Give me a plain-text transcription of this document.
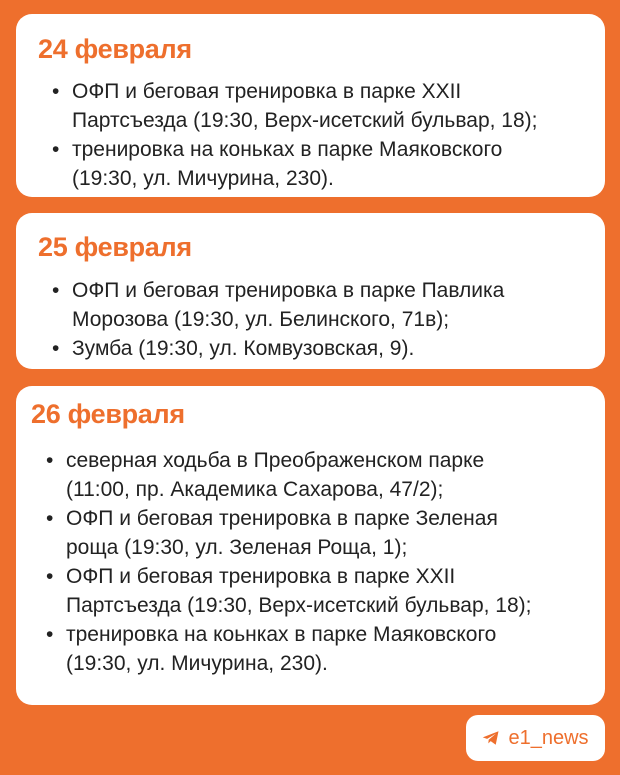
24 февраля
• ОФП и беговая тренировка в парке XXII
Партсъезда (19:30, Верх-исетский бульвар, 18);
• тренировка на коньках в парке Маяковского
(19:30, ул. Мичурина, 230).
25 февраля
• ОФП и беговая тренировка в парке Павлика
Морозова (19:30, ул. Белинского, 71в);
• Зумба (19:30, ул. Комвузовская, 9).
26 февраля
• северная ходьба в Преображенском парке
(11:00, пр. Академика Сахарова, 47/2);
• ОФП и беговая тренировка в парке Зеленая
роща (19:30, ул. Зеленая Роща, 1);
• ОФП и беговая тренировка в парке XXII
Партсъезда (19:30, Верх-исетский бульвар, 18);
• тренировка на коьнках в парке Маяковского
(19:30, ул. Мичурина, 230).
e1_news
